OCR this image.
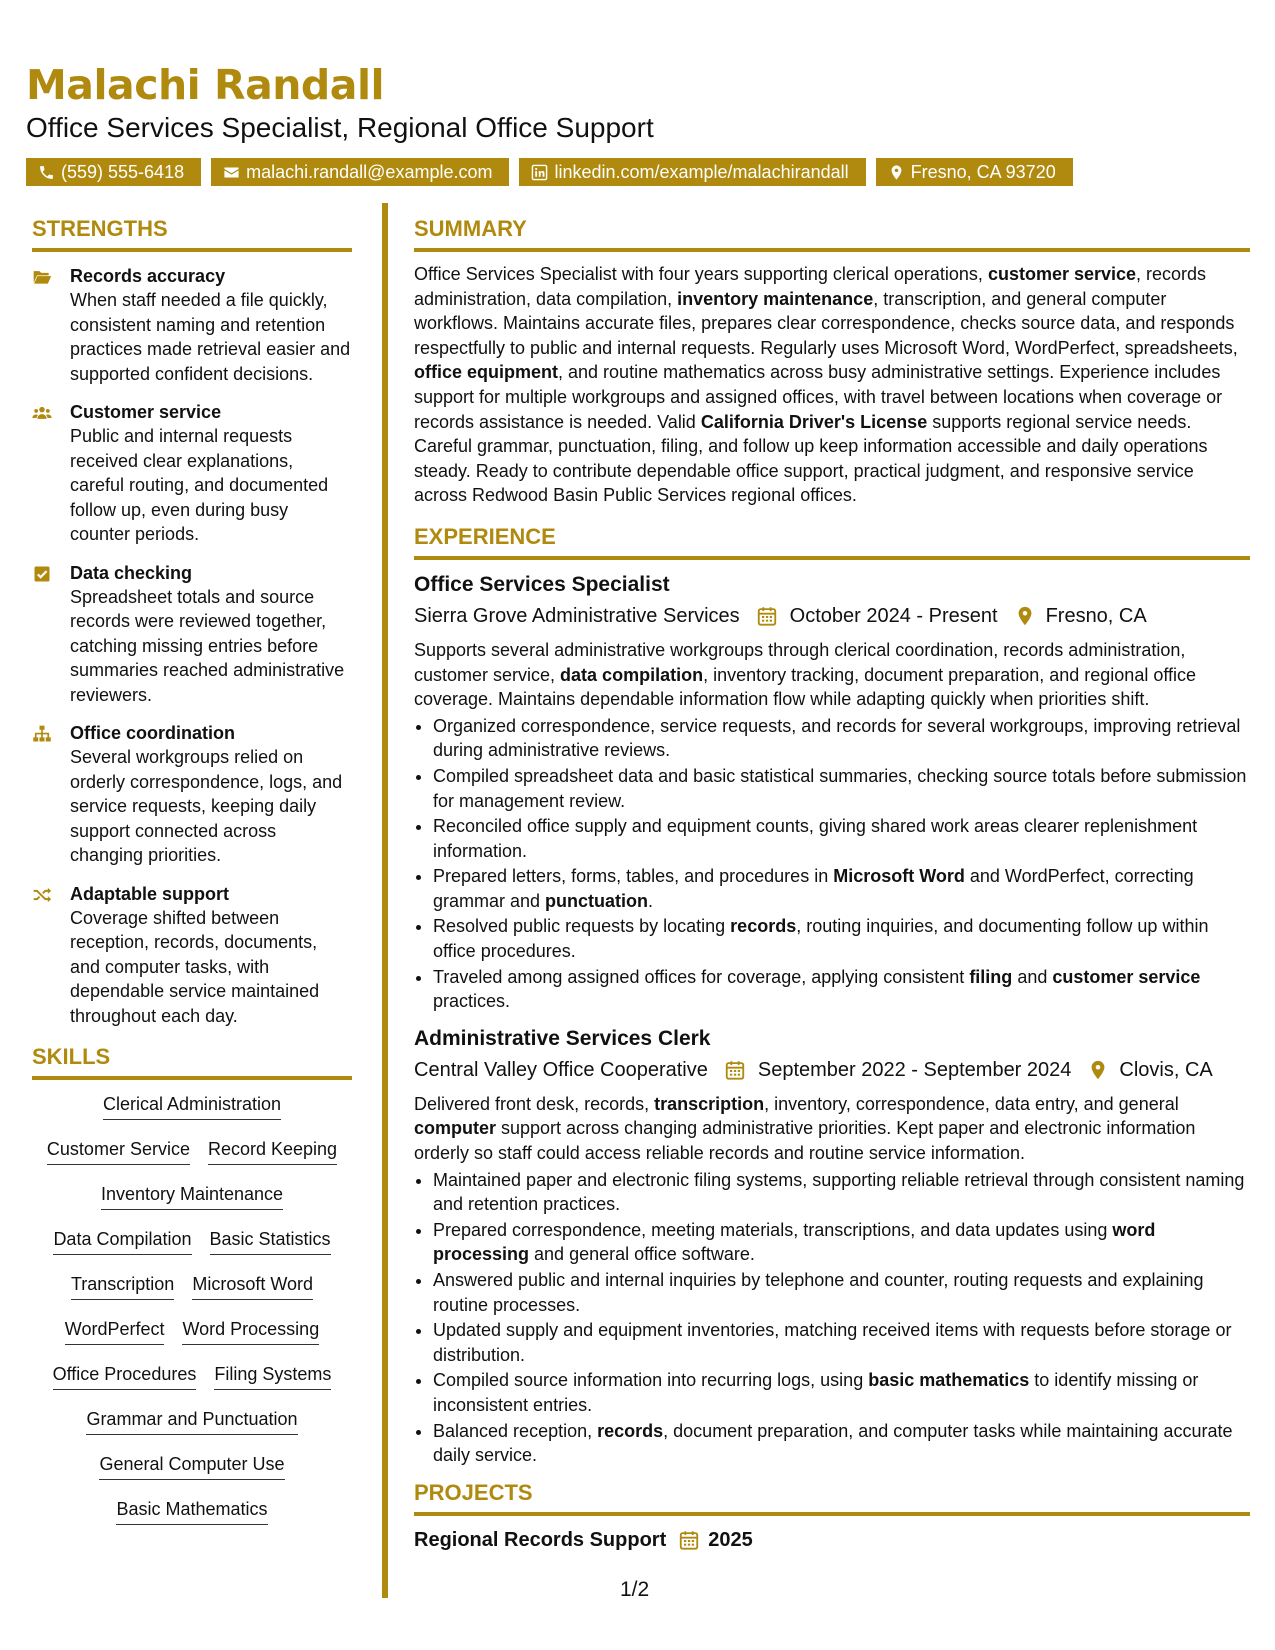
Malachi Randall
Office Services Specialist, Regional Office Support
(559) 555-6418	malachi.randall@example.com	linkedin.com/example/malachirandall	Fresno, CA 93720
STRENGTHS
Records accuracy
When staff needed a file quickly, consistent naming and retention practices made retrieval easier and supported confident decisions.
Customer service
Public and internal requests received clear explanations, careful routing, and documented follow up, even during busy counter periods.
Data checking
Spreadsheet totals and source records were reviewed together, catching missing entries before summaries reached administrative reviewers.
Office coordination
Several workgroups relied on orderly correspondence, logs, and service requests, keeping daily support connected across changing priorities.
Adaptable support
Coverage shifted between reception, records, documents, and computer tasks, with dependable service maintained throughout each day.
SKILLS
Clerical Administration
Customer Service Record Keeping
Inventory Maintenance
Data Compilation Basic Statistics
Transcription Microsoft Word
WordPerfect Word Processing
Office Procedures Filing Systems
Grammar and Punctuation
General Computer Use
Basic Mathematics
SUMMARY
Office Services Specialist with four years supporting clerical operations, customer service, records administration, data compilation, inventory maintenance, transcription, and general computer workflows. Maintains accurate files, prepares clear correspondence, checks source data, and responds respectfully to public and internal requests. Regularly uses Microsoft Word, WordPerfect, spreadsheets, office equipment, and routine mathematics across busy administrative settings. Experience includes support for multiple workgroups and assigned offices, with travel between locations when coverage or records assistance is needed. Valid California Driver's License supports regional service needs. Careful grammar, punctuation, filing, and follow up keep information accessible and daily operations steady. Ready to contribute dependable office support, practical judgment, and responsive service across Redwood Basin Public Services regional offices.
EXPERIENCE
Office Services Specialist
Sierra Grove Administrative Services	October 2024 - Present Fresno, CA
Supports several administrative workgroups through clerical coordination, records administration, customer service, data compilation, inventory tracking, document preparation, and regional office coverage. Maintains dependable information flow while adapting quickly when priorities shift.
• Organized correspondence, service requests, and records for several workgroups, improving retrieval during administrative reviews.
• Compiled spreadsheet data and basic statistical summaries, checking source totals before submission for management review.
• Reconciled office supply and equipment counts, giving shared work areas clearer replenishment information.
• Prepared letters, forms, tables, and procedures in Microsoft Word and WordPerfect, correcting grammar and punctuation.
• Resolved public requests by locating records, routing inquiries, and documenting follow up within office procedures.
• Traveled among assigned offices for coverage, applying consistent filing and customer service practices.
Administrative Services Clerk
Central Valley Office Cooperative	September 2022 - September 2024 Clovis, CA
Delivered front desk, records, transcription, inventory, correspondence, data entry, and general computer support across changing administrative priorities. Kept paper and electronic information orderly so staff could access reliable records and routine service information.
• Maintained paper and electronic filing systems, supporting reliable retrieval through consistent naming and retention practices.
• Prepared correspondence, meeting materials, transcriptions, and data updates using word processing and general office software.
• Answered public and internal inquiries by telephone and counter, routing requests and explaining routine processes.
• Updated supply and equipment inventories, matching received items with requests before storage or distribution.
• Compiled source information into recurring logs, using basic mathematics to identify missing or inconsistent entries.
• Balanced reception, records, document preparation, and computer tasks while maintaining accurate daily service.
PROJECTS
Regional Records Support 2025
1/2
